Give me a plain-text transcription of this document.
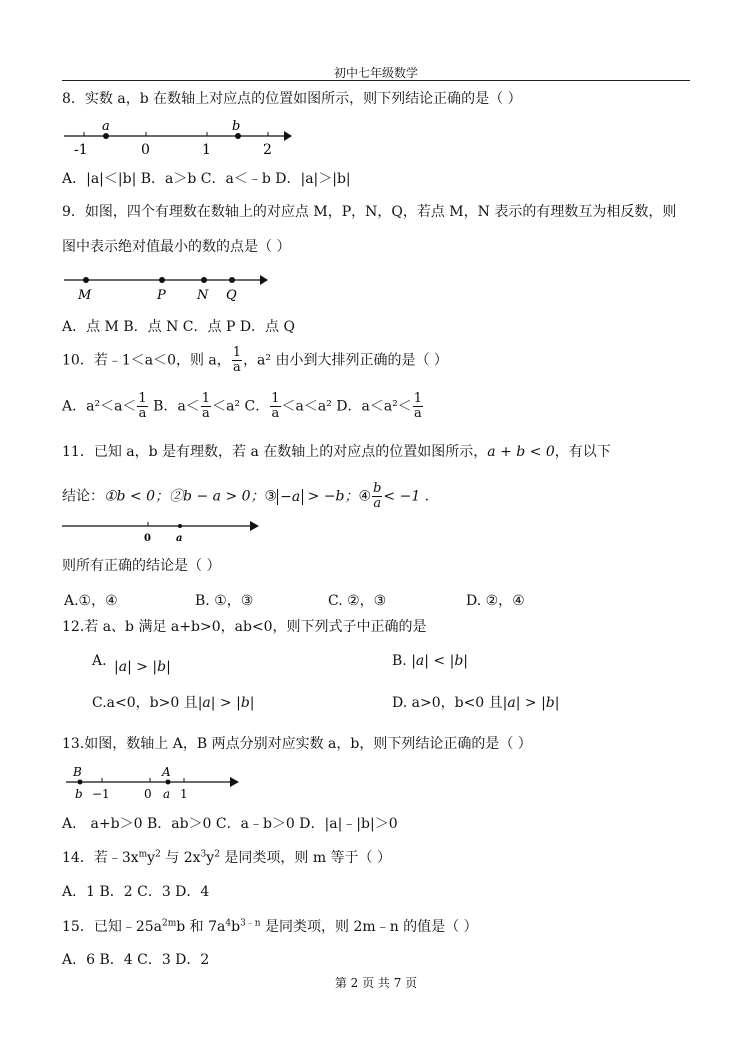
初中七年级数学
8．实数 a，b 在数轴上对应点的位置如图所示，则下列结论正确的是（ ）
a	b
-1	0	1	2
A．|a|＜|b| B．a＞b C．a＜﹣b D．|a|＞|b|
9．如图，四个有理数在数轴上的对应点 M，P，N，Q，若点 M，N 表示的有理数互为相反数，则
图中表示绝对值最小的数的点是（ ）
M	P N Q
A．点 M B．点 N C．点 P D．点 Q
10．若﹣1＜a＜0，则 a， $\frac{1}{a}$ ，a² 由小到大排列正确的是（ ）
A．$a^2<a< \frac{1}{a}$ B．$a< \frac{1}{a} <a^2$ C． $\frac{1}{a} <a<a^2$ D．$a<a^2< \frac{1}{a}$
11．已知 a，b 是有理数，若 a 在数轴上的对应点的位置如图所示，a + b < 0，有以下
结论：①b < 0；②b − a > 0；③ −a > −b；④ $\frac{b}{a} < -1$ .
0	a
则所有正确的结论是（ ）
A.①，④	B. ①，③	C. ②，③	D. ②，④
12.若 a、b 满足 a+b>0，ab<0，则下列式子中正确的是
A. |a| > |b|	B. |a| < |b|
C.a<0，b>0 且|a| > |b|	D. a>0，b<0 且|a| > |b|
13.如图，数轴上 A，B 两点分别对应实数 a，b，则下列结论正确的是（ ）
B
b
A
a
−1	0 1
A． a+b＞0 B．ab＞0 C．a﹣b＞0 D．|a|﹣|b|＞0
14．若$﹣3x^my^2$ 与 $2x^3y^2$ 是同类项，则 m 等于（ ）
A．1 B．2 C．3 D．4
15．已知$﹣25a^{2m}b$ 和 $7a^4b^{3﹣n}$ 是同类项，则 2m﹣n 的值是（ ）
A．6 B．4 C．3 D．2
第 2 页 共 7 页
